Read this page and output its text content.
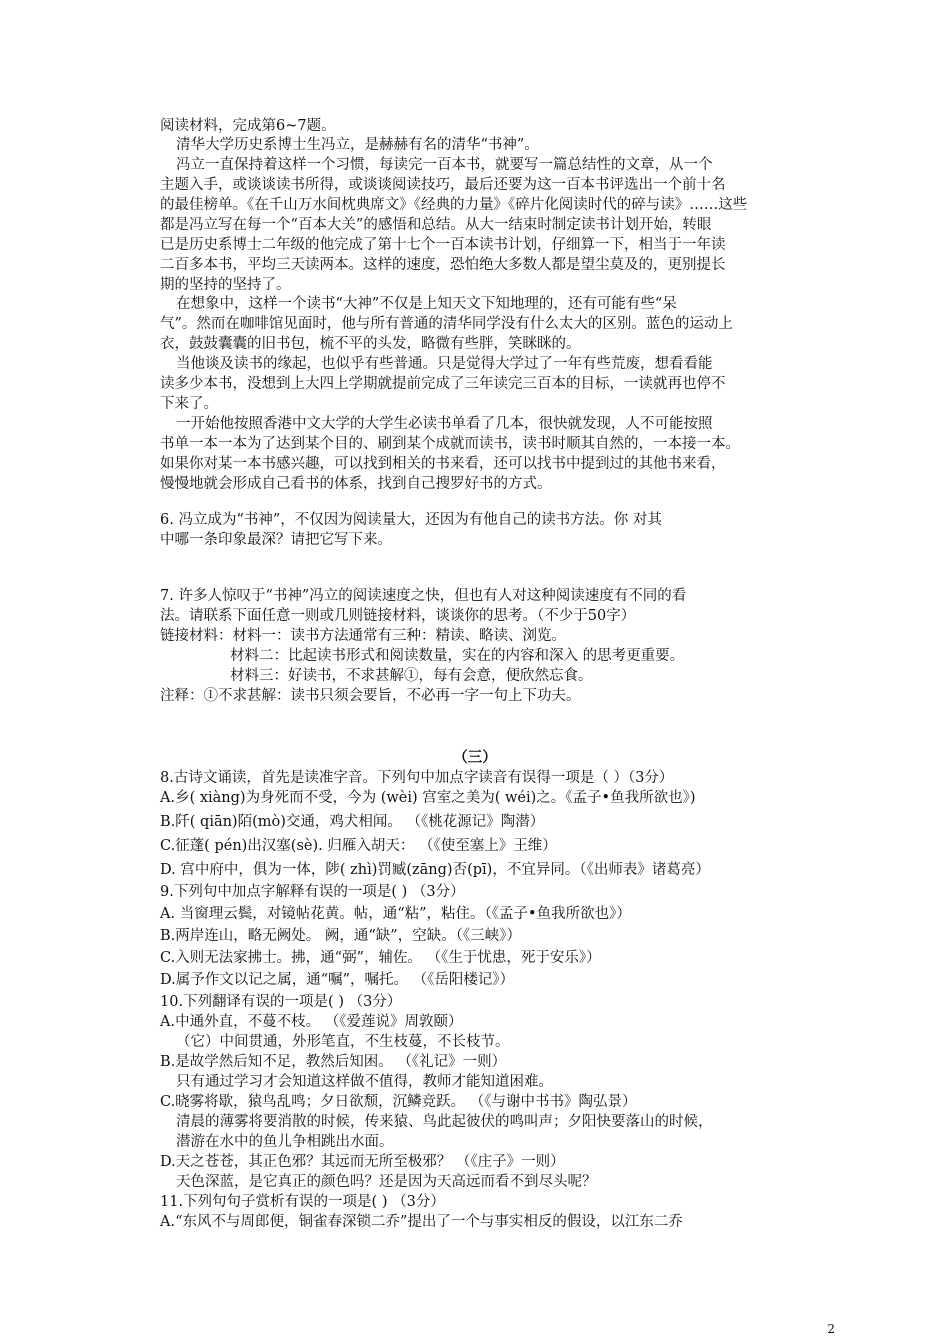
阅读材料，完成第6~7题。
清华大学历史系博士生冯立，是赫赫有名的清华“书神”。
冯立一直保持着这样一个习惯，每读完一百本书，就要写一篇总结性的文章，从一个
主题入手，或谈谈读书所得，或谈谈阅读技巧，最后还要为这一百本书评选出一个前十名
的最佳榜单。《在千山万水间枕典席文》《经典的力量》《碎片化阅读时代的碎与读》……这些
都是冯立写在每一个“百本大关”的感悟和总结。从大一结束时制定读书计划开始，转眼
已是历史系博士二年级的他完成了第十七个一百本读书计划，仔细算一下，相当于一年读
二百多本书，平均三天读两本。这样的速度，恐怕绝大多数人都是望尘莫及的，更别提长
期的坚持的坚持了。
在想象中，这样一个读书“大神”不仅是上知天文下知地理的，还有可能有些“呆
气”。然而在咖啡馆见面时，他与所有普通的清华同学没有什么太大的区别。蓝色的运动上
衣，鼓鼓囊囊的旧书包，梳不平的头发，略微有些胖，笑眯眯的。
当他谈及读书的缘起，也似乎有些普通。只是觉得大学过了一年有些荒废，想看看能
读多少本书，没想到上大四上学期就提前完成了三年读完三百本的目标，一读就再也停不
下来了。
一开始他按照香港中文大学的大学生必读书单看了几本，很快就发现，人不可能按照
书单一本一本为了达到某个目的、刷到某个成就而读书，读书时顺其自然的，一本接一本。
如果你对某一本书感兴趣，可以找到相关的书来看，还可以找书中提到过的其他书来看，
慢慢地就会形成自己看书的体系，找到自己搜罗好书的方式。
6. 冯立成为“书神”，不仅因为阅读量大，还因为有他自己的读书方法。你 对其
中哪一条印象最深？请把它写下来。
7. 许多人惊叹于“书神”冯立的阅读速度之快，但也有人对这种阅读速度有不同的看
法。请联系下面任意一则或几则链接材料，谈谈你的思考。（不少于50字）
链接材料：材料一：读书方法通常有三种：精读、略读、浏览。
材料二：比起读书形式和阅读数量，实在的内容和深入 的思考更重要。
材料三：好读书，不求甚解①，每有会意，便欣然忘食。
注释：①不求甚解：读书只须会要旨，不必再一字一句上下功夫。
（三）
8.古诗文诵读，首先是读准字音。下列句中加点字读音有误得一项是（ ）（3分）
A.乡( xiàng)为身死而不受，今为 (wèi) 宫室之美为( wéi)之。《孟子•鱼我所欲也》)
B.阡( qiān)陌(mò)交通，鸡犬相闻。 （《桃花源记》陶潜）
C.征蓬( pén)出汉塞(sè). 归雁入胡天： （《使至塞上》王维）
D. 宫中府中，俱为一体，陟( zhì)罚臧(zāng)否(pī)，不宜异同。（《出师表》诸葛亮）
9.下列句中加点字解释有误的一项是( ) （3分）
A. 当窗理云鬓，对镜帖花黄。帖，通“粘”，粘住。（《孟子•鱼我所欲也》）
B.两岸连山，略无阙处。 阙，通“缺”，空缺。（《三峡》）
C.入则无法家拂士。拂，通“弼”，辅佐。 （《生于忧患，死于安乐》）
D.属予作文以记之属，通“嘱”，嘱托。 （《岳阳楼记》）
10.下列翻译有误的一项是( ) （3分）
A.中通外直，不蔓不枝。 （《爱莲说》周敦颐）
（它）中间贯通，外形笔直，不生枝蔓，不长枝节。
B.是故学然后知不足，教然后知困。 （《礼记》一则）
只有通过学习才会知道这样做不值得，教师才能知道困难。
C.晓雾将歇，猿鸟乱鸣；夕日欲颓，沉鳞竞跃。 （《与谢中书书》陶弘景）
清晨的薄雾将要消散的时候，传来猿、鸟此起彼伏的鸣叫声；夕阳快要落山的时候，
潜游在水中的鱼儿争相跳出水面。
D.天之苍苍，其正色邪？其远而无所至极邪？ （《庄子》一则）
天色深蓝，是它真正的颜色吗？还是因为天高远而看不到尽头呢？
11.下列句句子赏析有误的一项是( ) （3分）
A.“东风不与周郎便，铜雀春深锁二乔”提出了一个与事实相反的假设，以江东二乔
2
